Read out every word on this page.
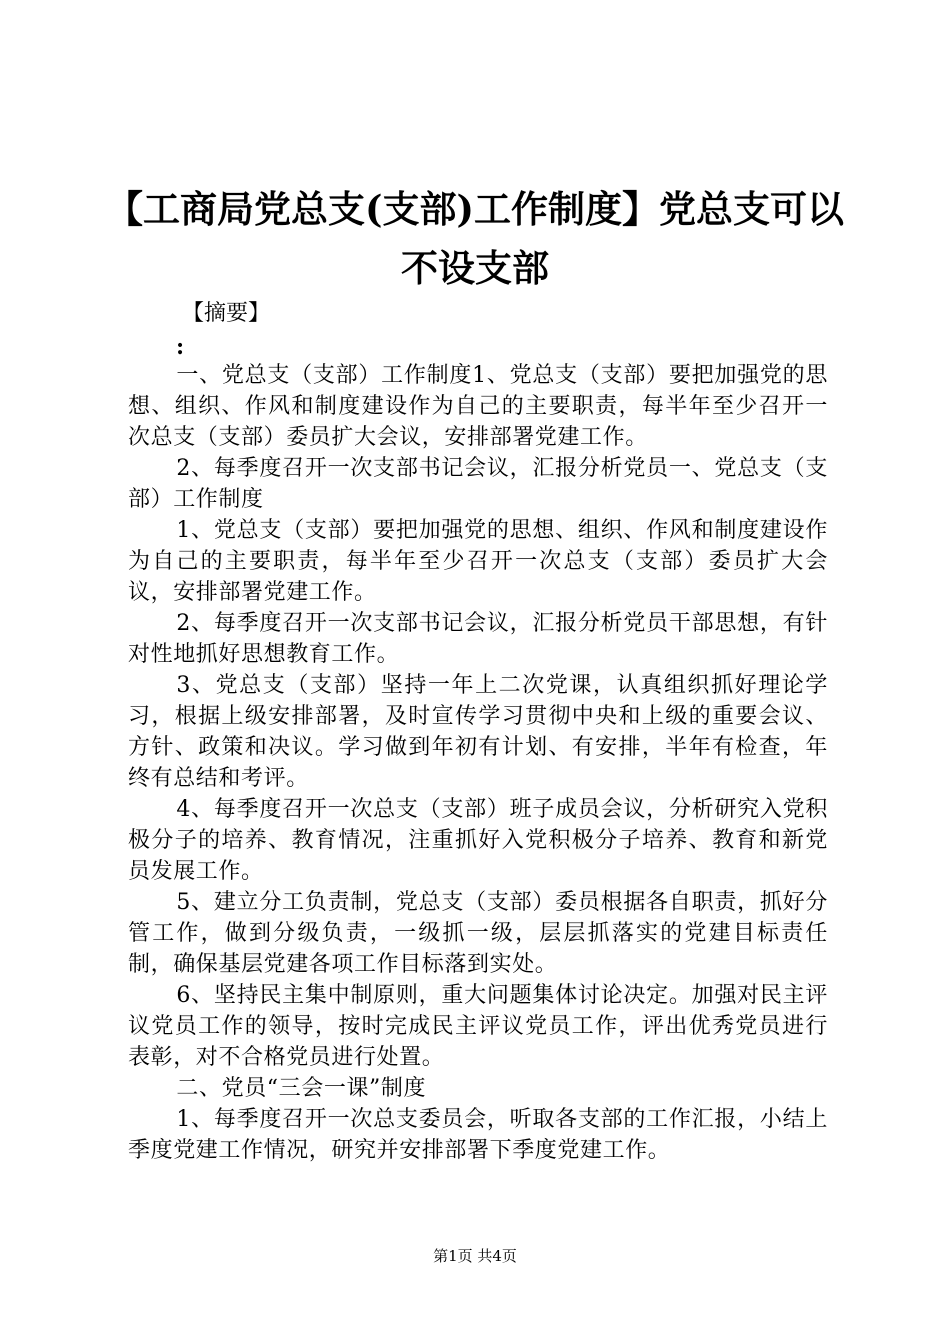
【工商局党总支(支部)工作制度】党总支可以不设支部
【摘要】
:

一、党总支（支部）工作制度1、党总支（支部）要把加强党的思想、组织、作风和制度建设作为自己的主要职责，每半年至少召开一次总支（支部）委员扩大会议，安排部署党建工作。

2、每季度召开一次支部书记会议，汇报分析党员一、党总支（支部）工作制度

1、党总支（支部）要把加强党的思想、组织、作风和制度建设作为自己的主要职责，每半年至少召开一次总支（支部）委员扩大会议，安排部署党建工作。

2、每季度召开一次支部书记会议，汇报分析党员干部思想，有针对性地抓好思想教育工作。

3、党总支（支部）坚持一年上二次党课，认真组织抓好理论学习，根据上级安排部署，及时宣传学习贯彻中央和上级的重要会议、方针、政策和决议。学习做到年初有计划、有安排，半年有检查，年终有总结和考评。

4、每季度召开一次总支（支部）班子成员会议，分析研究入党积极分子的培养、教育情况，注重抓好入党积极分子培养、教育和新党员发展工作。

5、建立分工负责制，党总支（支部）委员根据各自职责，抓好分管工作，做到分级负责，一级抓一级，层层抓落实的党建目标责任制，确保基层党建各项工作目标落到实处。

6、坚持民主集中制原则，重大问题集体讨论决定。加强对民主评议党员工作的领导，按时完成民主评议党员工作，评出优秀党员进行表彰，对不合格党员进行处置。

二、党员“三会一课”制度

1、每季度召开一次总支委员会，听取各支部的工作汇报，小结上季度党建工作情况，研究并安排部署下季度党建工作。

第1页 共4页
